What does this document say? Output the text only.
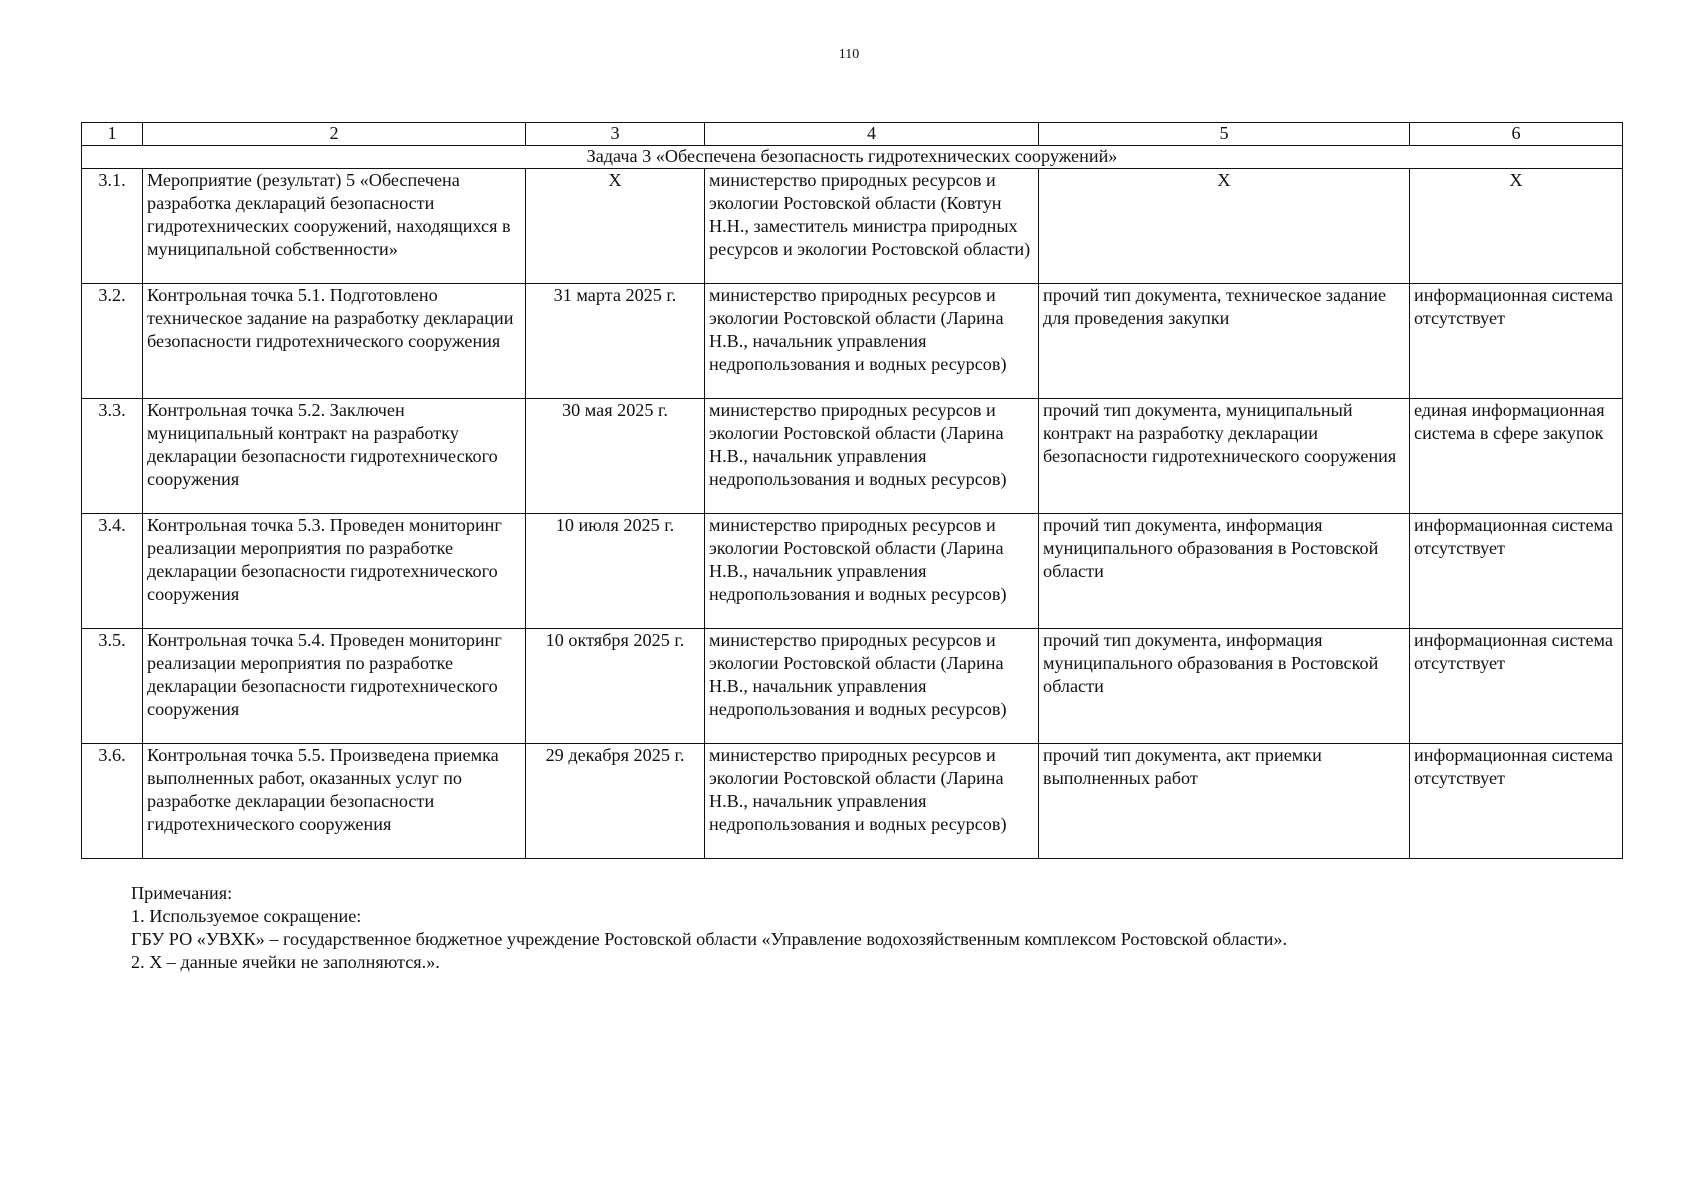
110
1	2	3	4	5	6
Задача 3 «Обеспечена безопасность гидротехнических сооружений»					
3.1.	Мероприятие (результат) 5 «Обеспечена разработка деклараций безопасности гидротехнических сооружений, находящихся в муниципальной собственности»	X	министерство природных ресурсов и экологии Ростовской области (Ковтун Н.Н., заместитель министра природных ресурсов и экологии Ростовской области)	X	X
3.2.	Контрольная точка 5.1. Подготовлено техническое задание на разработку декларации безопасности гидротехнического сооружения	31 марта 2025 г.	министерство природных ресурсов и экологии Ростовской области (Ларина Н.В., начальник управления недропользования и водных ресурсов)	прочий тип документа, техническое задание для проведения закупки	информационная система отсутствует
3.3.	Контрольная точка 5.2. Заключен муниципальный контракт на разработку декларации безопасности гидротехнического сооружения	30 мая 2025 г.	министерство природных ресурсов и экологии Ростовской области (Ларина Н.В., начальник управления недропользования и водных ресурсов)	прочий тип документа, муниципальный контракт на разработку декларации безопасности гидротехнического сооружения	единая информационная система в сфере закупок
3.4.	Контрольная точка 5.3. Проведен мониторинг реализации мероприятия по разработке декларации безопасности гидротехнического сооружения	10 июля 2025 г.	министерство природных ресурсов и экологии Ростовской области (Ларина Н.В., начальник управления недропользования и водных ресурсов)	прочий тип документа, информация муниципального образования в Ростовской области	информационная система отсутствует
3.5.	Контрольная точка 5.4. Проведен мониторинг реализации мероприятия по разработке декларации безопасности гидротехнического сооружения	10 октября 2025 г.	министерство природных ресурсов и экологии Ростовской области (Ларина Н.В., начальник управления недропользования и водных ресурсов)	прочий тип документа, информация муниципального образования в Ростовской области	информационная система отсутствует
3.6.	Контрольная точка 5.5. Произведена приемка выполненных работ, оказанных услуг по разработке декларации безопасности гидротехнического сооружения	29 декабря 2025 г.	министерство природных ресурсов и экологии Ростовской области (Ларина Н.В., начальник управления недропользования и водных ресурсов)	прочий тип документа, акт приемки выполненных работ	информационная система отсутствует
Примечания:
1. Используемое сокращение:
ГБУ РО «УВХК» – государственное бюджетное учреждение Ростовской области «Управление водохозяйственным комплексом Ростовской области».
2. X – данные ячейки не заполняются.».
